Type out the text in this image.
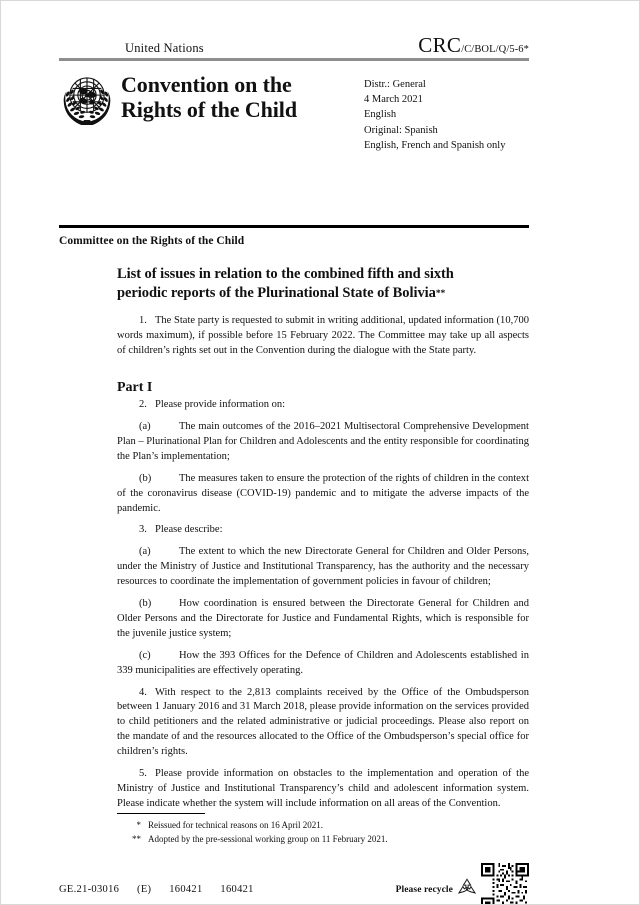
United Nations	CRC/C/BOL/Q/5-6*
Convention on the
Rights of the Child
Distr.: General
4 March 2021
English
Original: Spanish
English, French and Spanish only
Committee on the Rights of the Child
List of issues in relation to the combined fifth and sixth
periodic reports of the Plurinational State of Bolivia**

1. The State party is requested to submit in writing additional, updated information (10,700 words maximum), if possible before 15 February 2022. The Committee may take up all aspects of children’s rights set out in the Convention during the dialogue with the State party.

Part I

2. Please provide information on:

(a)	The main outcomes of the 2016–2021 Multisectoral Comprehensive Development Plan – Plurinational Plan for Children and Adolescents and the entity responsible for coordinating the Plan’s implementation;

(b)	The measures taken to ensure the protection of the rights of children in the context of the coronavirus disease (COVID-19) pandemic and to mitigate the adverse impacts of the pandemic.

3. Please describe:

(a)	The extent to which the new Directorate General for Children and Older Persons, under the Ministry of Justice and Institutional Transparency, has the authority and the necessary resources to coordinate the implementation of government policies in favour of children;

(b)	How coordination is ensured between the Directorate General for Children and Older Persons and the Directorate for Justice and Fundamental Rights, which is responsible for the juvenile justice system;

(c)	How the 393 Offices for the Defence of Children and Adolescents established in 339 municipalities are effectively operating.

4. With respect to the 2,813 complaints received by the Office of the Ombudsperson between 1 January 2016 and 31 March 2018, please provide information on the services provided to child petitioners and the related administrative or judicial proceedings. Please also report on the mandate of and the resources allocated to the Office of the Ombudsperson’s special office for children’s rights.

5. Please provide information on obstacles to the implementation and operation of the Ministry of Justice and Institutional Transparency’s child and adolescent information system. Please indicate whether the system will include information on all areas of the Convention.

* Reissued for technical reasons on 16 April 2021.
** Adopted by the pre-sessional working group on 11 February 2021.
GE.21-03016 (E) 160421 160421	Please recycle
